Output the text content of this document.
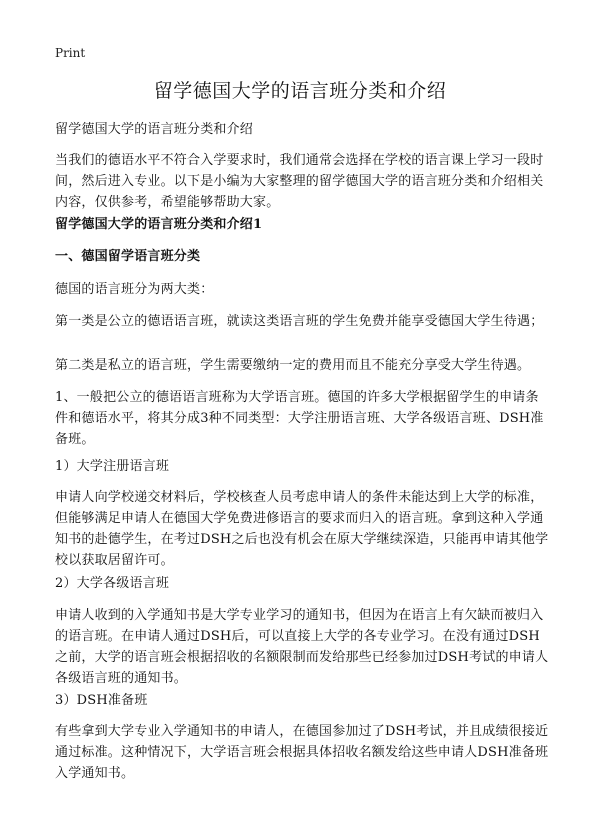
Print
留学德国大学的语言班分类和介绍

留学德国大学的语言班分类和介绍

当我们的德语水平不符合入学要求时，我们通常会选择在学校的语言课上学习一段时间，然后进入专业。以下是小编为大家整理的留学德国大学的语言班分类和介绍相关内容，仅供参考，希望能够帮助大家。

留学德国大学的语言班分类和介绍1

一、德国留学语言班分类

德国的语言班分为两大类：

第一类是公立的德语语言班，就读这类语言班的学生免费并能享受德国大学生待遇；

第二类是私立的语言班，学生需要缴纳一定的费用而且不能充分享受大学生待遇。

1、一般把公立的德语语言班称为大学语言班。德国的许多大学根据留学生的申请条件和德语水平，将其分成3种不同类型：大学注册语言班、大学各级语言班、DSH准备班。

1）大学注册语言班

申请人向学校递交材料后，学校核查人员考虑申请人的条件未能达到上大学的标准，但能够满足申请人在德国大学免费进修语言的要求而归入的语言班。拿到这种入学通知书的赴德学生，在考过DSH之后也没有机会在原大学继续深造，只能再申请其他学校以获取居留许可。

2）大学各级语言班

申请人收到的入学通知书是大学专业学习的通知书，但因为在语言上有欠缺而被归入的语言班。在申请人通过DSH后，可以直接上大学的各专业学习。在没有通过DSH之前，大学的语言班会根据招收的名额限制而发给那些已经参加过DSH考试的申请人各级语言班的通知书。

3）DSH准备班

有些拿到大学专业入学通知书的申请人，在德国参加过了DSH考试，并且成绩很接近通过标准。这种情况下，大学语言班会根据具体招收名额发给这些申请人DSH准备班入学通知书。
